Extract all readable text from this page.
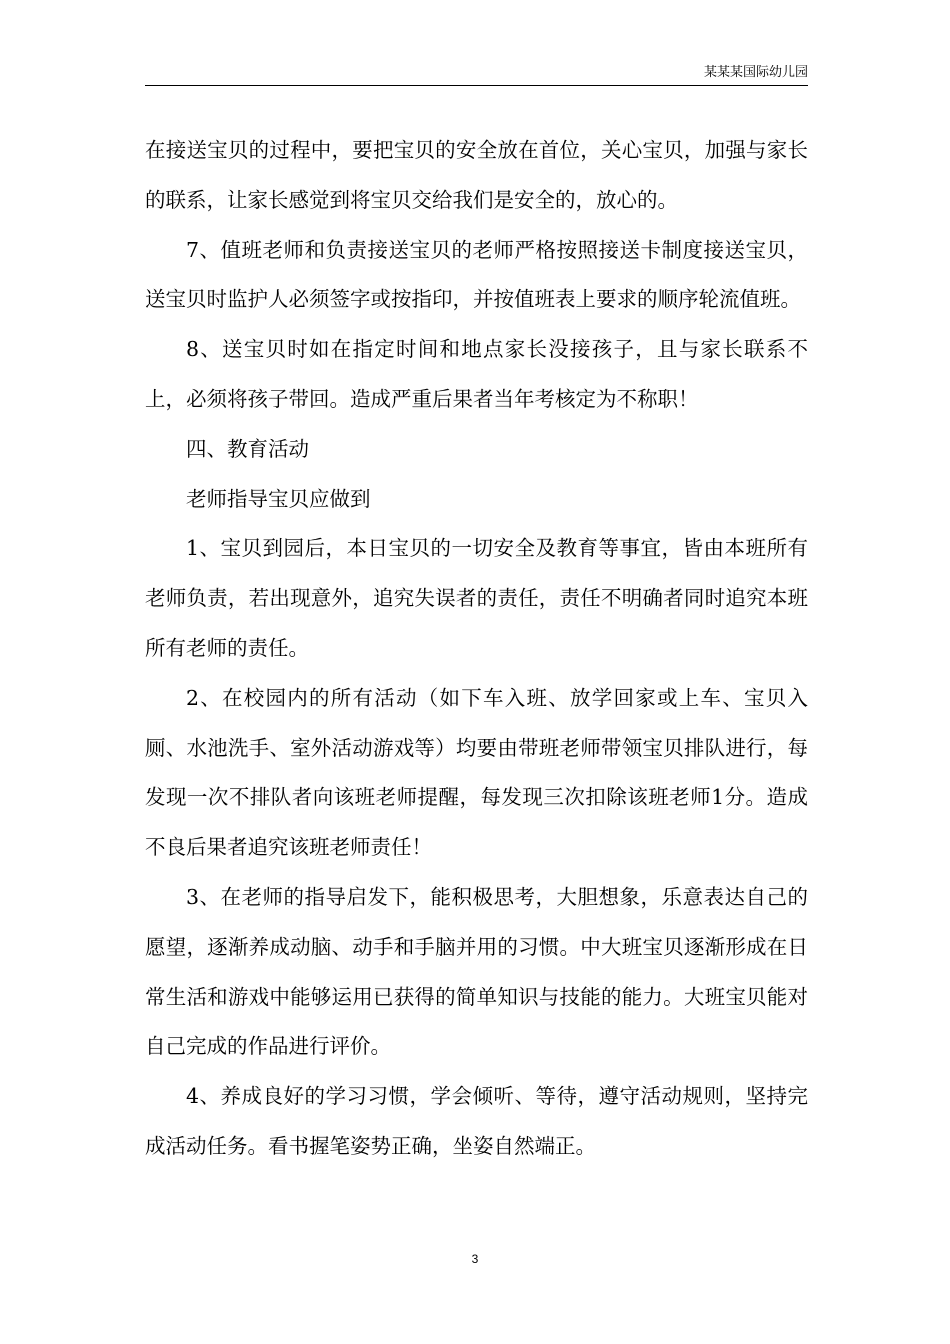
某某某国际幼儿园

在接送宝贝的过程中，要把宝贝的安全放在首位，关心宝贝，加强与家长的联系，让家长感觉到将宝贝交给我们是安全的，放心的。

7、值班老师和负责接送宝贝的老师严格按照接送卡制度接送宝贝，送宝贝时监护人必须签字或按指印，并按值班表上要求的顺序轮流值班。

8、送宝贝时如在指定时间和地点家长没接孩子，且与家长联系不上，必须将孩子带回。造成严重后果者当年考核定为不称职！

四、教育活动

老师指导宝贝应做到

1、宝贝到园后，本日宝贝的一切安全及教育等事宜，皆由本班所有老师负责，若出现意外，追究失误者的责任，责任不明确者同时追究本班所有老师的责任。

2、在校园内的所有活动（如下车入班、放学回家或上车、宝贝入厕、水池洗手、室外活动游戏等）均要由带班老师带领宝贝排队进行，每发现一次不排队者向该班老师提醒，每发现三次扣除该班老师1分。造成不良后果者追究该班老师责任！

3、在老师的指导启发下，能积极思考，大胆想象，乐意表达自己的愿望，逐渐养成动脑、动手和手脑并用的习惯。中大班宝贝逐渐形成在日常生活和游戏中能够运用已获得的简单知识与技能的能力。大班宝贝能对自己完成的作品进行评价。

4、养成良好的学习习惯，学会倾听、等待，遵守活动规则，坚持完成活动任务。看书握笔姿势正确，坐姿自然端正。

3
